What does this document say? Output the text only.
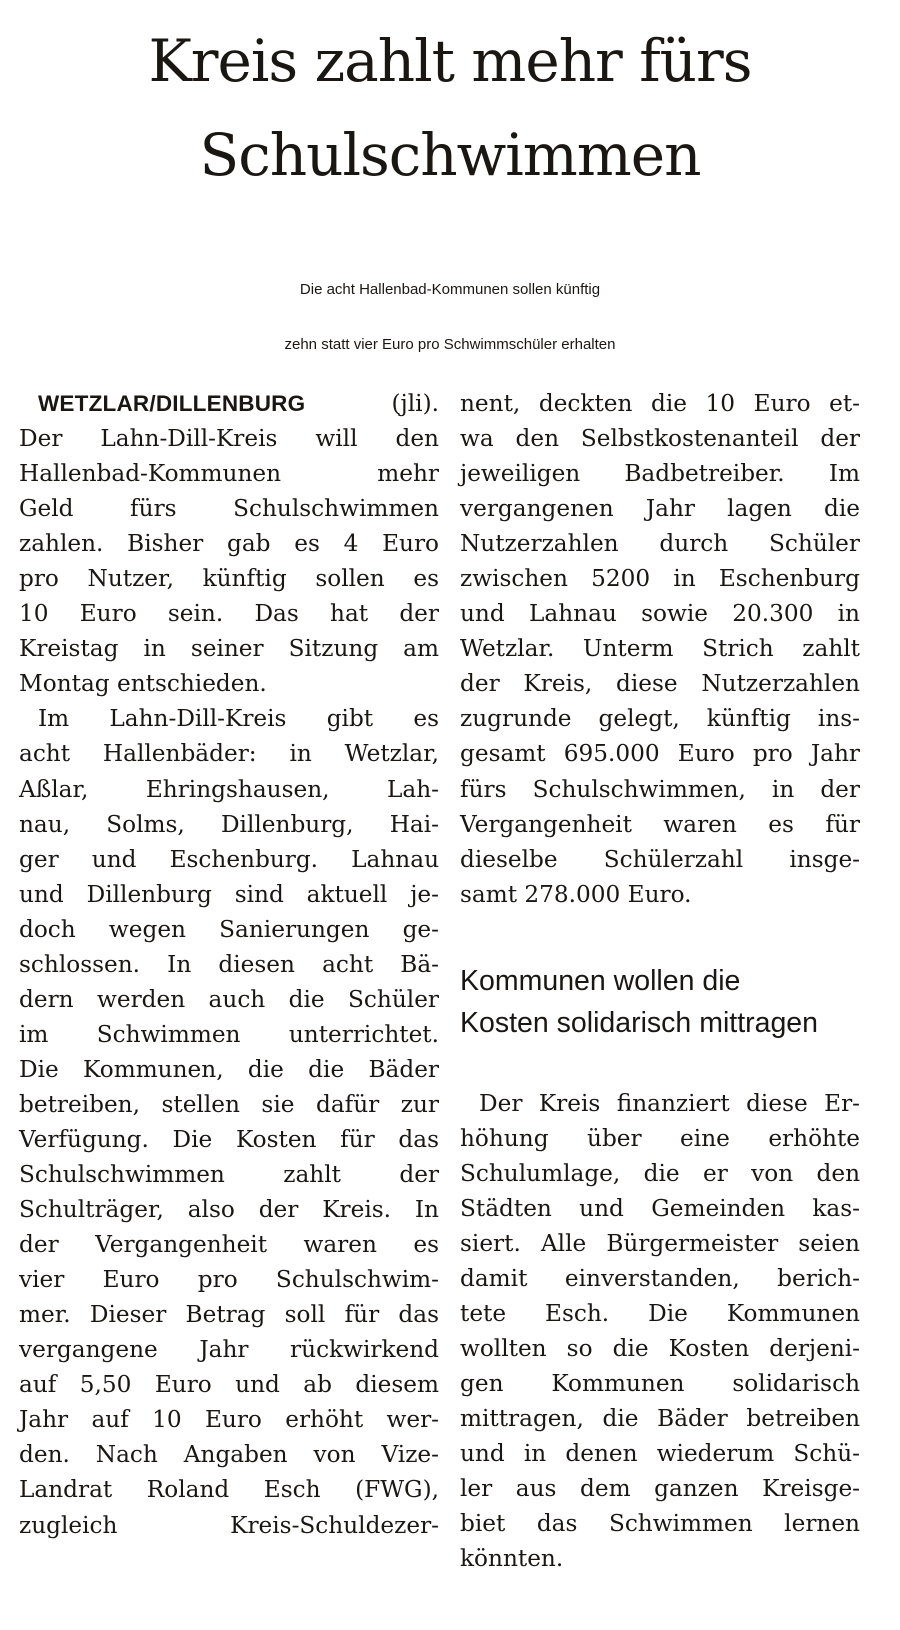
Kreis zahlt mehr fürs
Schulschwimmen
Die acht Hallenbad-Kommunen sollen künftig
zehn statt vier Euro pro Schwimmschüler erhalten
WETZLAR/DILLENBURG	(jli).
Der Lahn-Dill-Kreis will den
Hallenbad-Kommunen mehr
Geld fürs Schulschwimmen
zahlen. Bisher gab es 4 Euro
pro Nutzer, künftig sollen es
10 Euro sein. Das hat der
Kreistag in seiner Sitzung am
Montag entschieden.
Im Lahn-Dill-Kreis gibt es
acht Hallenbäder: in Wetzlar,
Aßlar, Ehringshausen, Lah-
nau, Solms, Dillenburg, Hai-
ger und Eschenburg. Lahnau
und Dillenburg sind aktuell je-
doch wegen Sanierungen ge-
schlossen. In diesen acht Bä-
dern werden auch die Schüler
im Schwimmen unterrichtet.
Die Kommunen, die die Bäder
betreiben, stellen sie dafür zur
Verfügung. Die Kosten für das
Schulschwimmen zahlt der
Schulträger, also der Kreis. In
der Vergangenheit waren es
vier Euro pro Schulschwim-
mer. Dieser Betrag soll für das
vergangene Jahr rückwirkend
auf 5,50 Euro und ab diesem
Jahr auf 10 Euro erhöht wer-
den. Nach Angaben von Vize-
Landrat Roland Esch (FWG),
zugleich Kreis-Schuldezer-
nent, deckten die 10 Euro et-
wa den Selbstkostenanteil der
jeweiligen Badbetreiber. Im
vergangenen Jahr lagen die
Nutzerzahlen durch Schüler
zwischen 5200 in Eschenburg
und Lahnau sowie 20.300 in
Wetzlar. Unterm Strich zahlt
der Kreis, diese Nutzerzahlen
zugrunde gelegt, künftig ins-
gesamt 695.000 Euro pro Jahr
fürs Schulschwimmen, in der
Vergangenheit waren es für
dieselbe Schülerzahl insge-
samt 278.000 Euro.
Kommunen wollen die
Kosten solidarisch mittragen
Der Kreis finanziert diese Er-
höhung über eine erhöhte
Schulumlage, die er von den
Städten und Gemeinden kas-
siert. Alle Bürgermeister seien
damit einverstanden, berich-
tete Esch. Die Kommunen
wollten so die Kosten derjeni-
gen Kommunen solidarisch
mittragen, die Bäder betreiben
und in denen wiederum Schü-
ler aus dem ganzen Kreisge-
biet das Schwimmen lernen
könnten.
